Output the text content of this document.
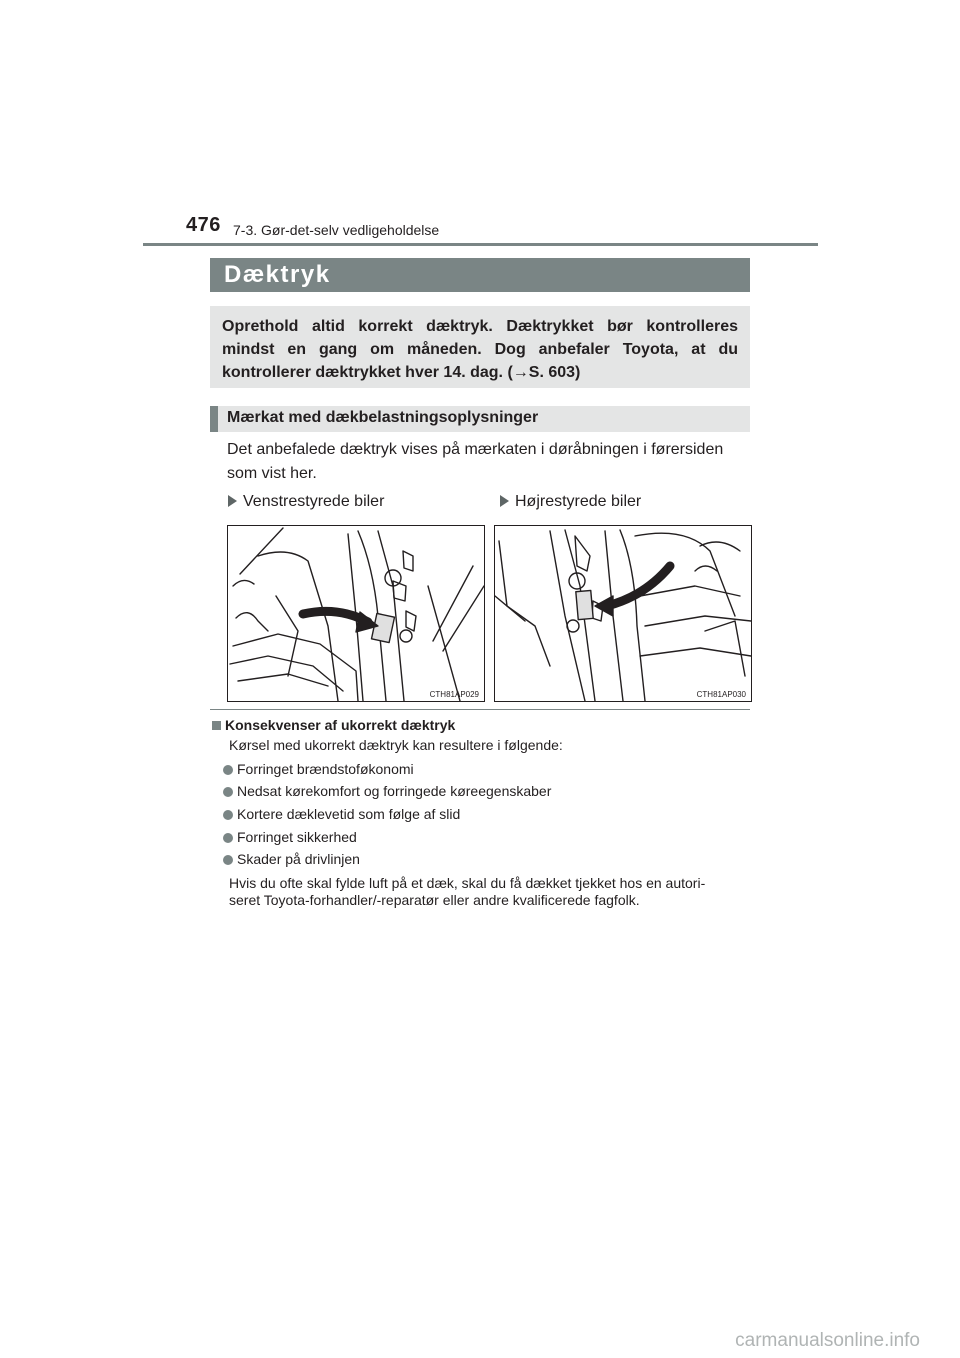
476 7-3. Gør-det-selv vedligeholdelse
Dæktryk
Oprethold altid korrekt dæktryk. Dæktrykket bør kontrolleres
mindst en gang om måneden. Dog anbefaler Toyota, at du
kontrollerer dæktrykket hver 14. dag. (→S. 603)
Mærkat med dækbelastningsoplysninger
Det anbefalede dæktryk vises på mærkaten i døråbningen i førersiden
som vist her.
Venstrestyrede biler	Højrestyrede biler
CTH81AP029	CTH81AP030
Konsekvenser af ukorrekt dæktryk
Kørsel med ukorrekt dæktryk kan resultere i følgende:
Forringet brændstoføkonomi
Nedsat kørekomfort og forringede køreegenskaber
Kortere dæklevetid som følge af slid
Forringet sikkerhed
Skader på drivlinjen
Hvis du ofte skal fylde luft på et dæk, skal du få dækket tjekket hos en autori-
seret Toyota-forhandler/-reparatør eller andre kvalificerede fagfolk.
carmanualsonline.info
